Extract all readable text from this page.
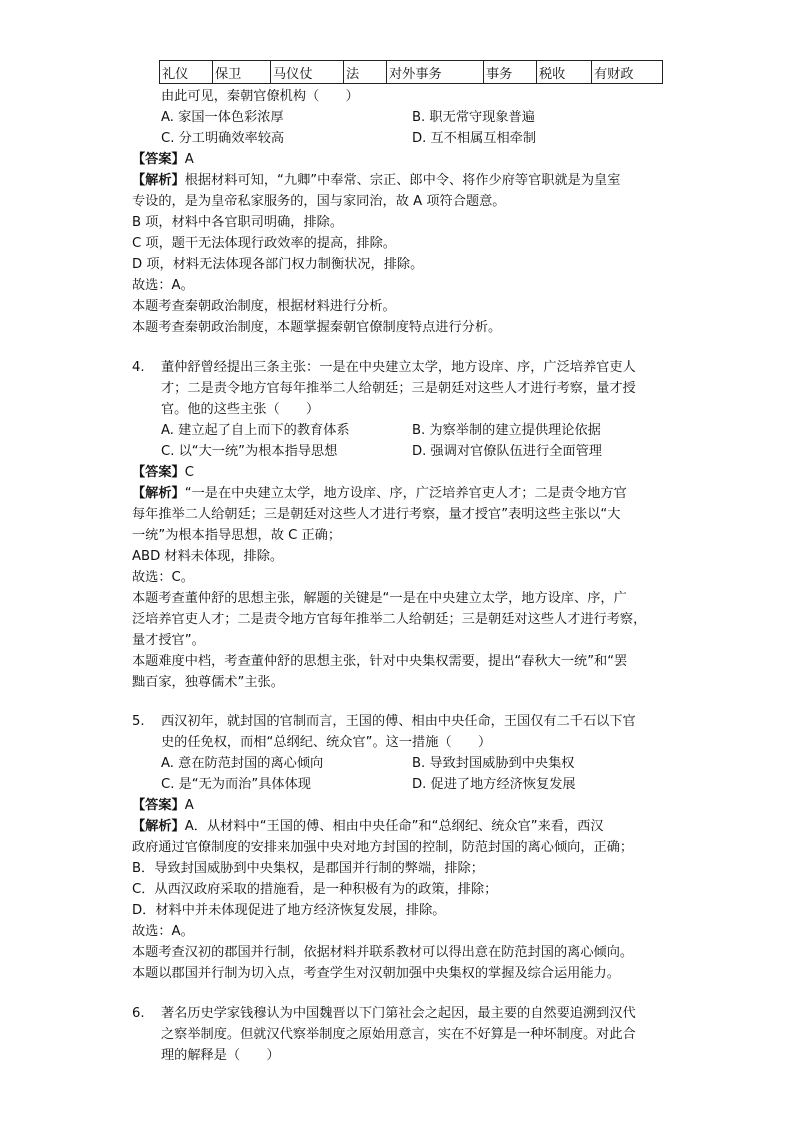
礼仪	保卫	马仪仗	法	对外事务	事务	税收	有财政
由此可见，秦朝官僚机构（　　）
A. 家国一体色彩浓厚	B. 职无常守现象普遍
C. 分工明确效率较高	D. 互不相属互相牵制
【答案】A
【解析】根据材料可知，“九卿”中奉常、宗正、郎中令、将作少府等官职就是为皇室
专设的，是为皇帝私家服务的，国与家同治，故 A 项符合题意。
B 项，材料中各官职司明确，排除。
C 项，题干无法体现行政效率的提高，排除。
D 项，材料无法体现各部门权力制衡状况，排除。
故选：A。
本题考查秦朝政治制度，根据材料进行分析。
本题考查秦朝政治制度，本题掌握秦朝官僚制度特点进行分析。
4. 董仲舒曾经提出三条主张：一是在中央建立太学，地方设庠、序，广泛培养官吏人
才；二是责令地方官每年推举二人给朝廷；三是朝廷对这些人才进行考察，量才授
官。他的这些主张（　　）
A. 建立起了自上而下的教育体系	B. 为察举制的建立提供理论依据
C. 以“大一统”为根本指导思想	D. 强调对官僚队伍进行全面管理
【答案】C
【解析】“一是在中央建立太学，地方设庠、序，广泛培养官吏人才；二是责令地方官
每年推举二人给朝廷；三是朝廷对这些人才进行考察，量才授官”表明这些主张以“大
一统”为根本指导思想，故 C 正确；
ABD 材料未体现，排除。
故选：C。
本题考查董仲舒的思想主张，解题的关键是“一是在中央建立太学，地方设庠、序，广
泛培养官吏人才；二是责令地方官每年推举二人给朝廷；三是朝廷对这些人才进行考察，
量才授官”。
本题难度中档，考查董仲舒的思想主张，针对中央集权需要，提出“春秋大一统”和“罢
黜百家，独尊儒术”主张。
5. 西汉初年，就封国的官制而言，王国的傅、相由中央任命，王国仅有二千石以下官
史的任免权，而相“总纲纪、统众官”。这一措施（　　）
A. 意在防范封国的离心倾向	B. 导致封国威胁到中央集权
C. 是“无为而治”具体体现	D. 促进了地方经济恢复发展
【答案】A
【解析】A．从材料中“王国的傅、相由中央任命”和“总纲纪、统众官”来看，西汉
政府通过官僚制度的安排来加强中央对地方封国的控制，防范封国的离心倾向，正确；
B．导致封国威胁到中央集权，是郡国并行制的弊端，排除；
C．从西汉政府采取的措施看，是一种积极有为的政策，排除；
D．材料中并未体现促进了地方经济恢复发展，排除。
故选：A。
本题考查汉初的郡国并行制，依据材料并联系教材可以得出意在防范封国的离心倾向。
本题以郡国并行制为切入点，考查学生对汉朝加强中央集权的掌握及综合运用能力。
6. 著名历史学家钱穆认为中国魏晋以下门第社会之起因，最主要的自然要追溯到汉代
之察举制度。但就汉代察举制度之原始用意言，实在不好算是一种坏制度。对此合
理的解释是（　　）
